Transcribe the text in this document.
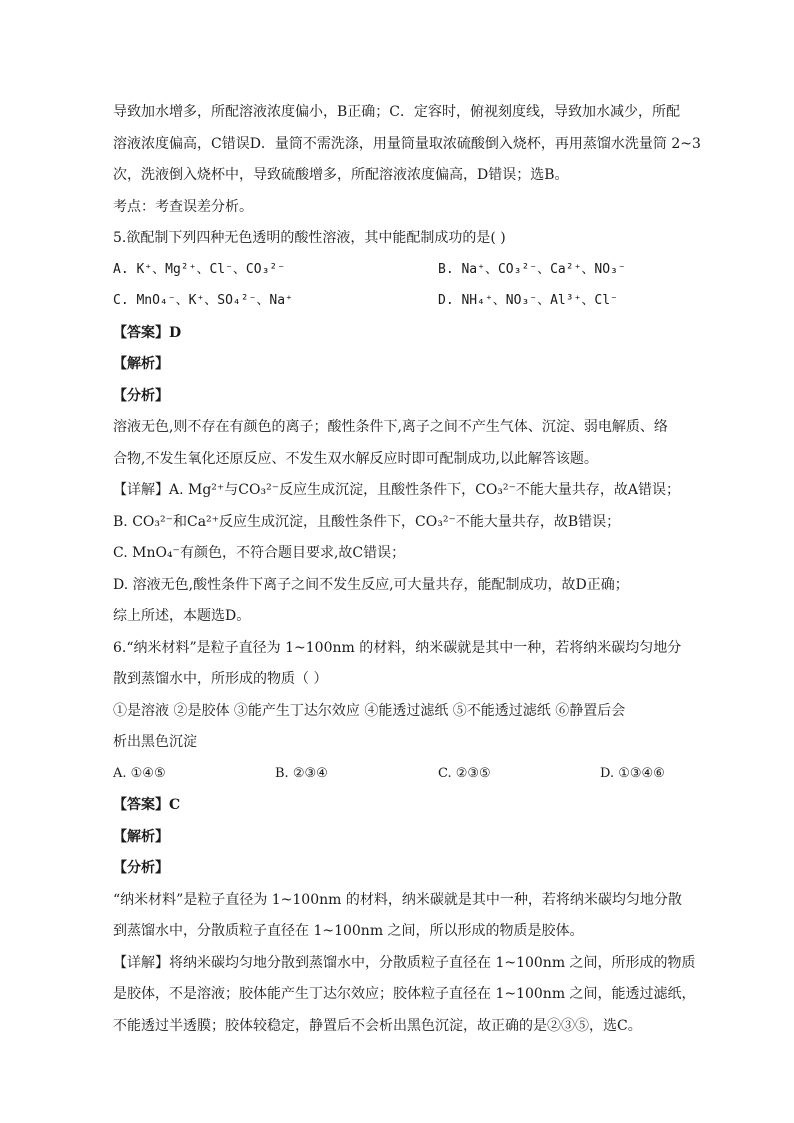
导致加水增多，所配溶液浓度偏小，B正确；C．定容时，俯视刻度线，导致加水减少，所配
溶液浓度偏高，C错误D．量筒不需洗涤，用量筒量取浓硫酸倒入烧杯，再用蒸馏水洗量筒 2~3
次，洗液倒入烧杯中，导致硫酸增多，所配溶液浓度偏高，D错误；选B。
考点：考查误差分析。
5.欲配制下列四种无色透明的酸性溶液，其中能配制成功的是( )
A. K⁺、Mg²⁺、Cl⁻、CO₃²⁻	B. Na⁺、CO₃²⁻、Ca²⁺、NO₃⁻
C. MnO₄⁻、K⁺、SO₄²⁻、Na⁺	D. NH₄⁺、NO₃⁻、Al³⁺、Cl⁻
【答案】D
【解析】
【分析】
溶液无色,则不存在有颜色的离子；酸性条件下,离子之间不产生气体、沉淀、弱电解质、络
合物,不发生氧化还原反应、不发生双水解反应时即可配制成功,以此解答该题。
【详解】A. Mg²⁺与CO₃²⁻反应生成沉淀，且酸性条件下，CO₃²⁻不能大量共存，故A错误；
B. CO₃²⁻和Ca²⁺反应生成沉淀，且酸性条件下，CO₃²⁻不能大量共存，故B错误；
C. MnO₄⁻有颜色，不符合题目要求,故C错误；
D. 溶液无色,酸性条件下离子之间不发生反应,可大量共存，能配制成功，故D正确；
综上所述，本题选D。
6.“纳米材料”是粒子直径为 1~100nm 的材料，纳米碳就是其中一种，若将纳米碳均匀地分
散到蒸馏水中，所形成的物质（ ）
①是溶液 ②是胶体 ③能产生丁达尔效应 ④能透过滤纸 ⑤不能透过滤纸 ⑥静置后会
析出黑色沉淀
A. ①④⑤	B. ②③④	C. ②③⑤	D. ①③④⑥
【答案】C
【解析】
【分析】
“纳米材料”是粒子直径为 1~100nm 的材料，纳米碳就是其中一种，若将纳米碳均匀地分散
到蒸馏水中，分散质粒子直径在 1~100nm 之间，所以形成的物质是胶体。
【详解】将纳米碳均匀地分散到蒸馏水中，分散质粒子直径在 1~100nm 之间，所形成的物质
是胶体，不是溶液；胶体能产生丁达尔效应；胶体粒子直径在 1~100nm 之间，能透过滤纸，
不能透过半透膜；胶体较稳定，静置后不会析出黑色沉淀，故正确的是②③⑤，选C。
